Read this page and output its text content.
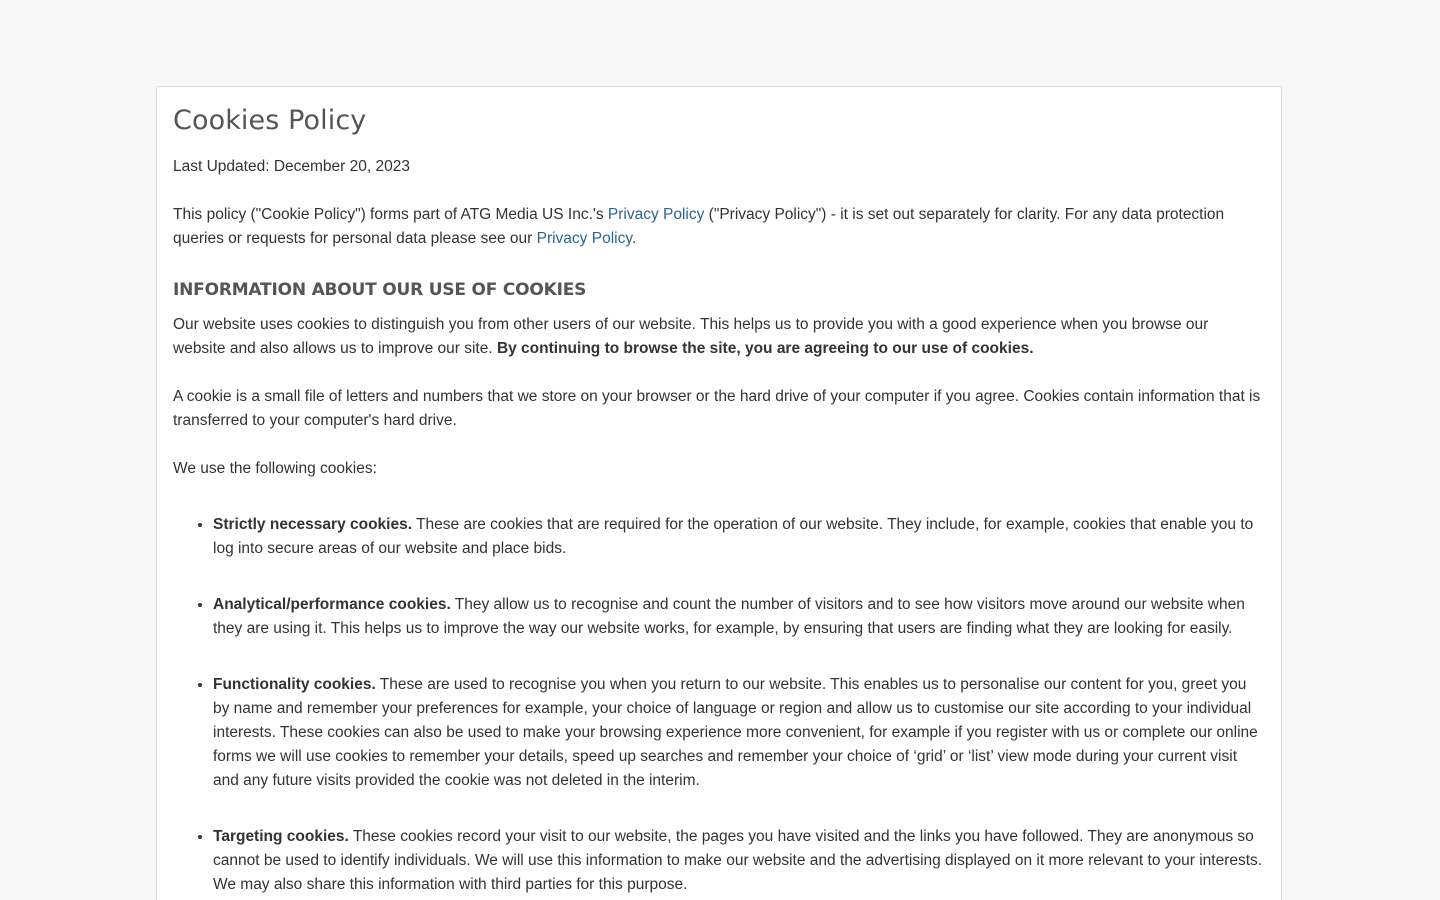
Cookies Policy

Last Updated: December 20, 2023

This policy ("Cookie Policy") forms part of ATG Media US Inc.'s Privacy Policy ("Privacy Policy") - it is set out separately for clarity. For any data protection queries or requests for personal data please see our Privacy Policy.

INFORMATION ABOUT OUR USE OF COOKIES

Our website uses cookies to distinguish you from other users of our website. This helps us to provide you with a good experience when you browse our website and also allows us to improve our site. By continuing to browse the site, you are agreeing to our use of cookies.

A cookie is a small file of letters and numbers that we store on your browser or the hard drive of your computer if you agree. Cookies contain information that is transferred to your computer's hard drive.

We use the following cookies:

• Strictly necessary cookies. These are cookies that are required for the operation of our website. They include, for example, cookies that enable you to log into secure areas of our website and place bids.
• Analytical/performance cookies. They allow us to recognise and count the number of visitors and to see how visitors move around our website when they are using it. This helps us to improve the way our website works, for example, by ensuring that users are finding what they are looking for easily.
• Functionality cookies. These are used to recognise you when you return to our website. This enables us to personalise our content for you, greet you by name and remember your preferences for example, your choice of language or region and allow us to customise our site according to your individual interests. These cookies can also be used to make your browsing experience more convenient, for example if you register with us or complete our online forms we will use cookies to remember your details, speed up searches and remember your choice of ‘grid’ or ‘list’ view mode during your current visit and any future visits provided the cookie was not deleted in the interim.
• Targeting cookies. These cookies record your visit to our website, the pages you have visited and the links you have followed. They are anonymous so cannot be used to identify individuals. We will use this information to make our website and the advertising displayed on it more relevant to your interests. We may also share this information with third parties for this purpose.
